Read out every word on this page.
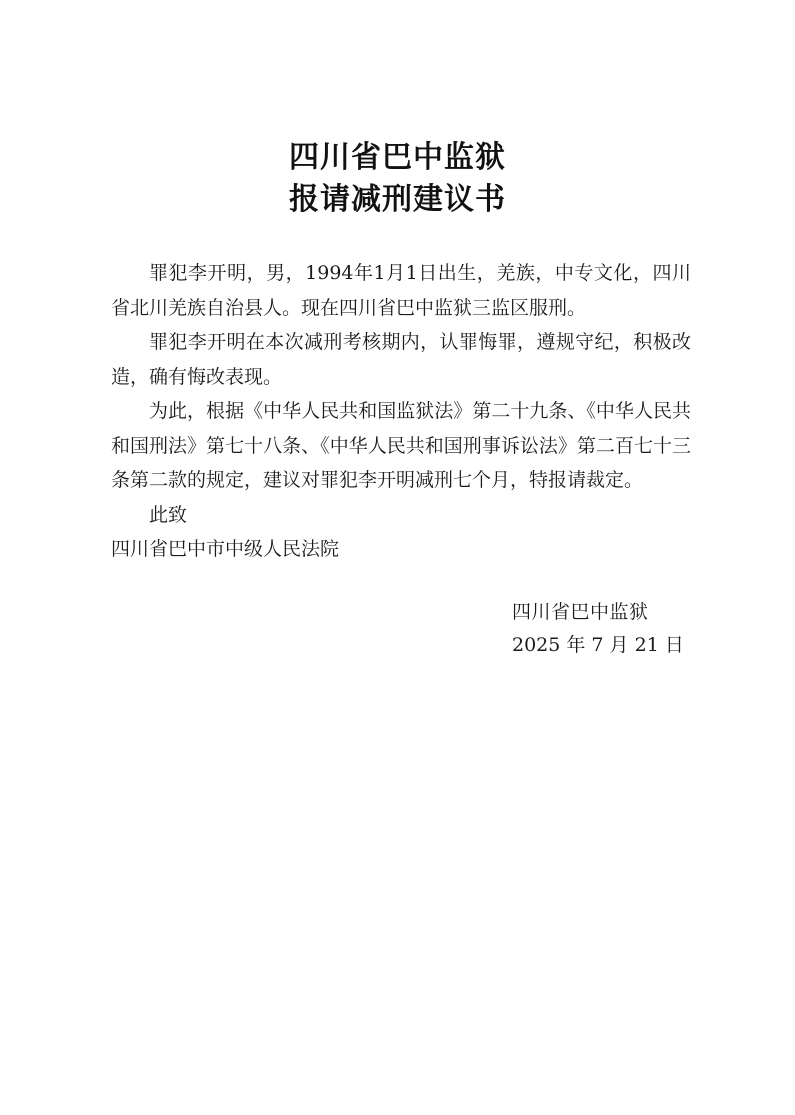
四川省巴中监狱

报请减刑建议书

罪犯李开明，男，1994年1月1日出生，羌族，中专文化，四川省北川羌族自治县人。现在四川省巴中监狱三监区服刑。

罪犯李开明在本次减刑考核期内，认罪悔罪，遵规守纪，积极改造，确有悔改表现。

为此，根据《中华人民共和国监狱法》第二十九条、《中华人民共和国刑法》第七十八条、《中华人民共和国刑事诉讼法》第二百七十三条第二款的规定，建议对罪犯李开明减刑七个月，特报请裁定。

此致

四川省巴中市中级人民法院

四川省巴中监狱

2025 年 7 月 21 日
